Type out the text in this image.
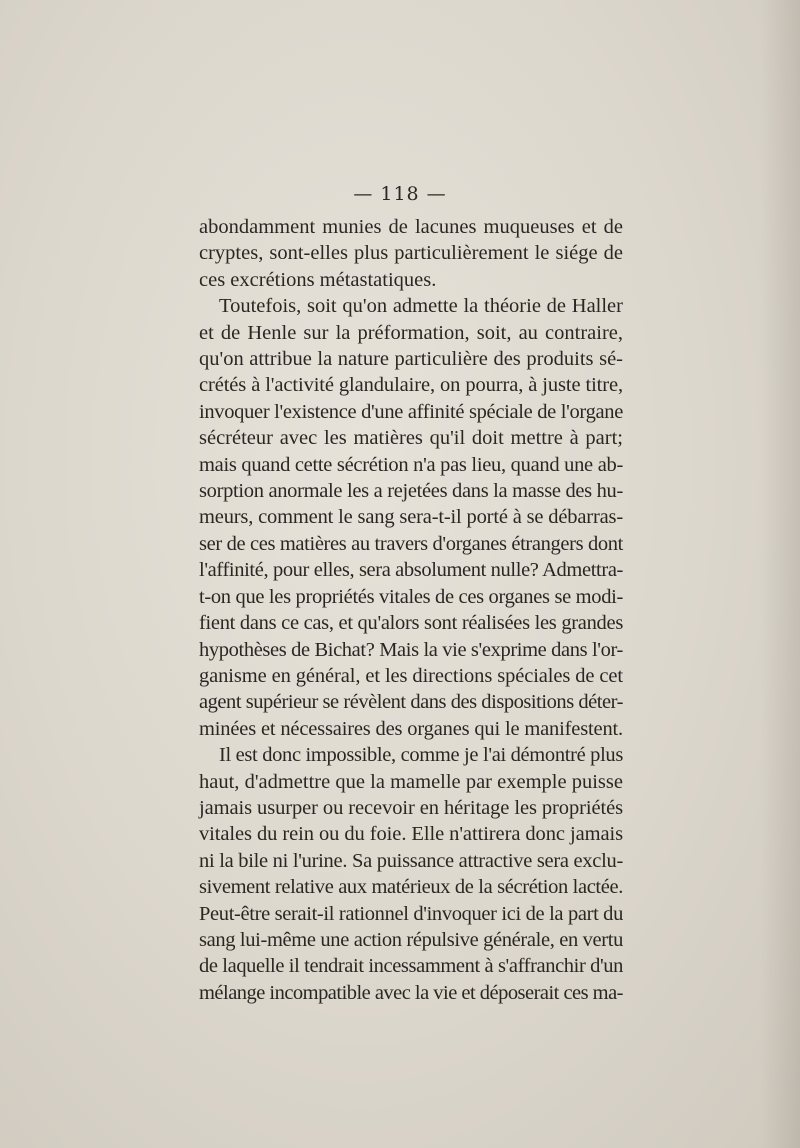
— 118 —
abondamment munies de lacunes muqueuses et de
cryptes, sont-elles plus particulièrement le siége de
ces excrétions métastatiques.
Toutefois, soit qu'on admette la théorie de Haller
et de Henle sur la préformation, soit, au contraire,
qu'on attribue la nature particulière des produits sé-
crétés à l'activité glandulaire, on pourra, à juste titre,
invoquer l'existence d'une affinité spéciale de l'organe
sécréteur avec les matières qu'il doit mettre à part;
mais quand cette sécrétion n'a pas lieu, quand une ab-
sorption anormale les a rejetées dans la masse des hu-
meurs, comment le sang sera-t-il porté à se débarras-
ser de ces matières au travers d'organes étrangers dont
l'affinité, pour elles, sera absolument nulle? Admettra-
t-on que les propriétés vitales de ces organes se modi-
fient dans ce cas, et qu'alors sont réalisées les grandes
hypothèses de Bichat? Mais la vie s'exprime dans l'or-
ganisme en général, et les directions spéciales de cet
agent supérieur se révèlent dans des dispositions déter-
minées et nécessaires des organes qui le manifestent.
Il est donc impossible, comme je l'ai démontré plus
haut, d'admettre que la mamelle par exemple puisse
jamais usurper ou recevoir en héritage les propriétés
vitales du rein ou du foie. Elle n'attirera donc jamais
ni la bile ni l'urine. Sa puissance attractive sera exclu-
sivement relative aux matérieux de la sécrétion lactée.
Peut-être serait-il rationnel d'invoquer ici de la part du
sang lui-même une action répulsive générale, en vertu
de laquelle il tendrait incessamment à s'affranchir d'un
mélange incompatible avec la vie et déposerait ces ma-
